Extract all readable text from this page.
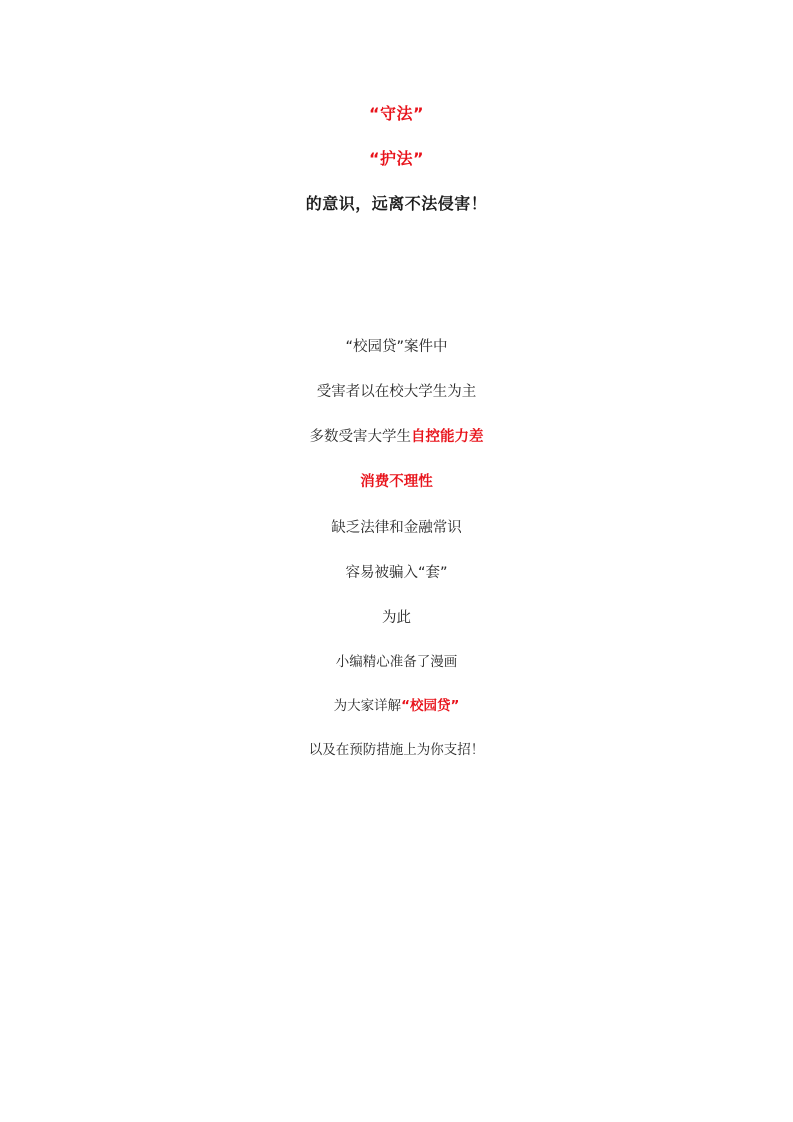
“守法”
“护法”
的意识，远离不法侵害！
“校园贷”案件中
受害者以在校大学生为主
多数受害大学生自控能力差
消费不理性
缺乏法律和金融常识
容易被骗入“套”
为此
小编精心准备了漫画
为大家详解“校园贷”
以及在预防措施上为你支招！
